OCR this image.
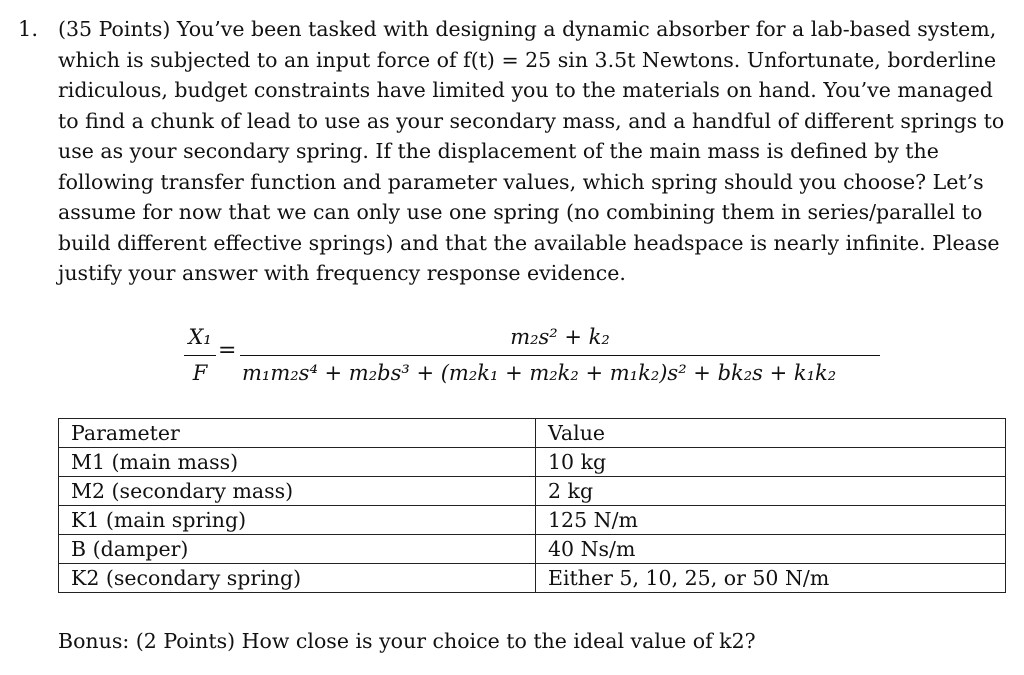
1. (35 Points) You’ve been tasked with designing a dynamic absorber for a lab-based system, which is subjected to an input force of f(t) = 25 sin 3.5t Newtons. Unfortunate, borderline ridiculous, budget constraints have limited you to the materials on hand. You’ve managed to find a chunk of lead to use as your secondary mass, and a handful of different springs to use as your secondary spring. If the displacement of the main mass is defined by the following transfer function and parameter values, which spring should you choose? Let’s assume for now that we can only use one spring (no combining them in series/parallel to build different effective springs) and that the available headspace is nearly infinite. Please justify your answer with frequency response evidence.

X₁
F
=
m₂s² + k₂
m₁m₂s⁴ + m₂bs³ + (m₂k₁ + m₂k₂ + m₁k₂)s² + bk₂s + k₁k₂
Parameter	Value
M1 (main mass)	10 kg
M2 (secondary mass)	2 kg
K1 (main spring)	125 N/m
B (damper)	40 Ns/m
K2 (secondary spring)	Either 5, 10, 25, or 50 N/m
Bonus: (2 Points) How close is your choice to the ideal value of k2?
